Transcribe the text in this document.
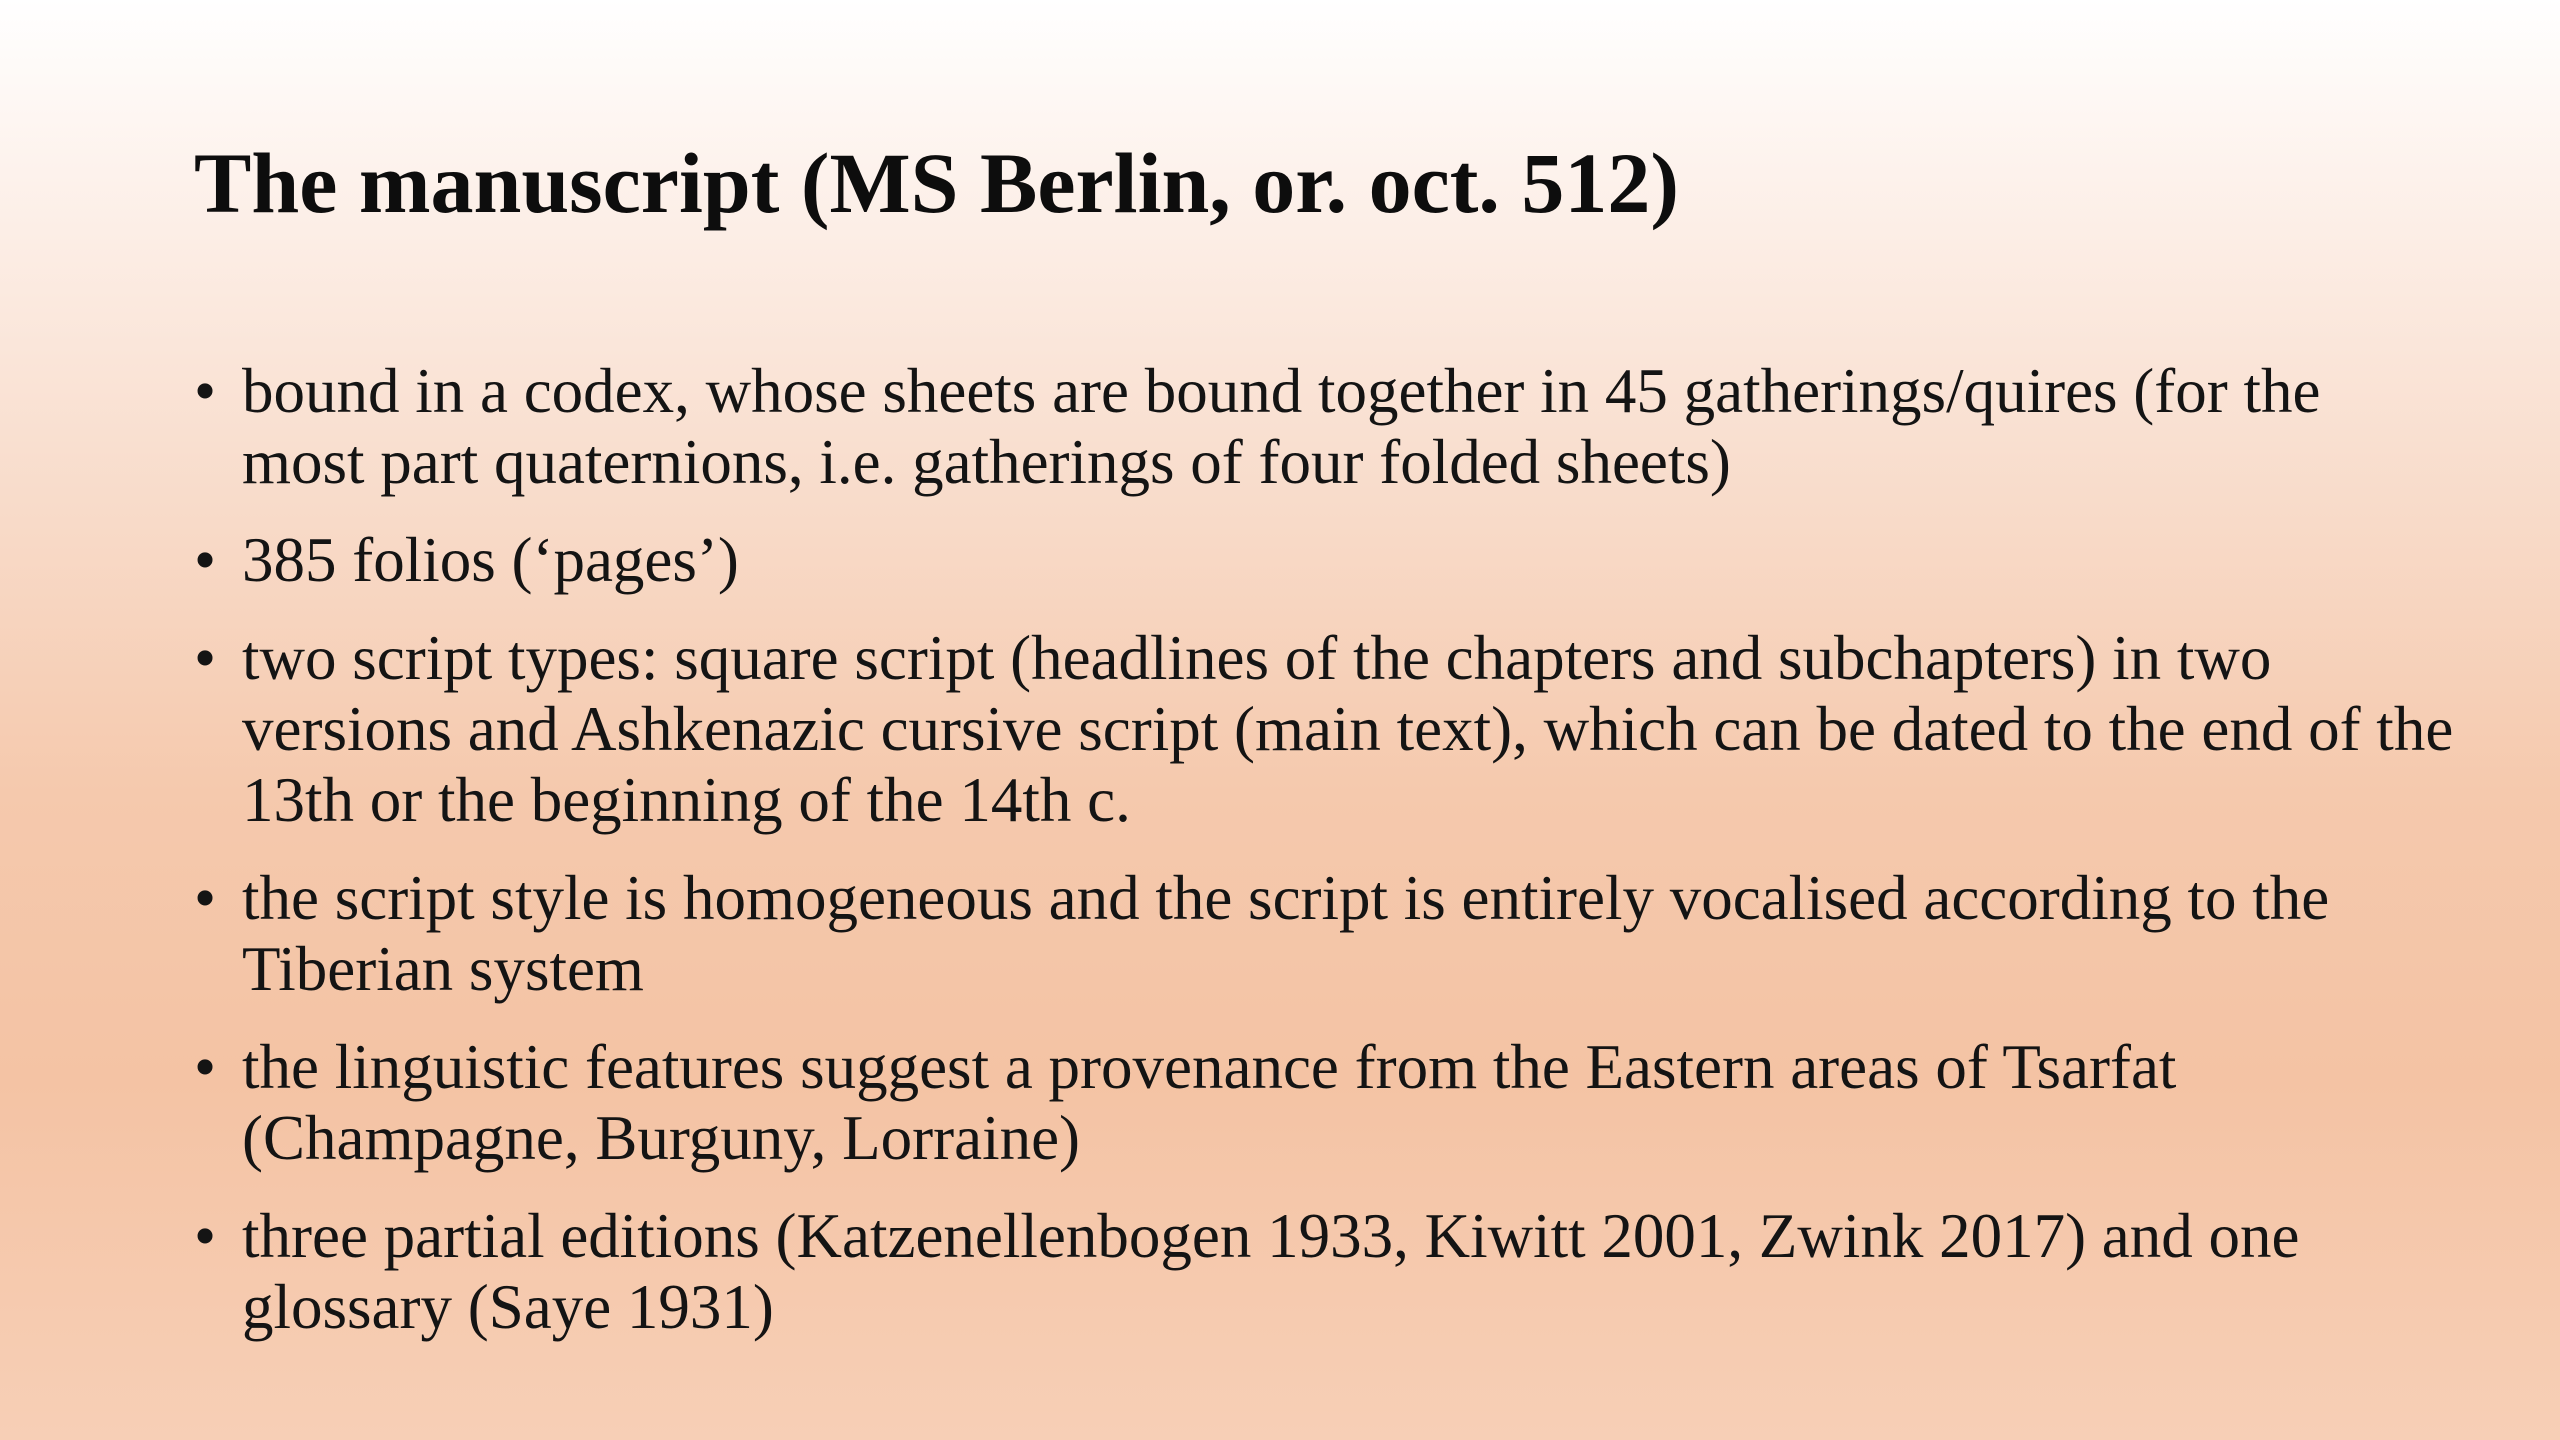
The manuscript (MS Berlin, or. oct. 512)
• bound in a codex, whose sheets are bound together in 45 gatherings/quires (for the most part quaternions, i.e. gatherings of four folded sheets)
• 385 folios (‘pages’)
• two script types: square script (headlines of the chapters and subchapters) in two versions and Ashkenazic cursive script (main text), which can be dated to the end of the 13th or the beginning of the 14th c.
• the script style is homogeneous and the script is entirely vocalised according to the Tiberian system
• the linguistic features suggest a provenance from the Eastern areas of Tsarfat (Champagne, Burguny, Lorraine)
• three partial editions (Katzenellenbogen 1933, Kiwitt 2001, Zwink 2017) and one glossary (Saye 1931)
